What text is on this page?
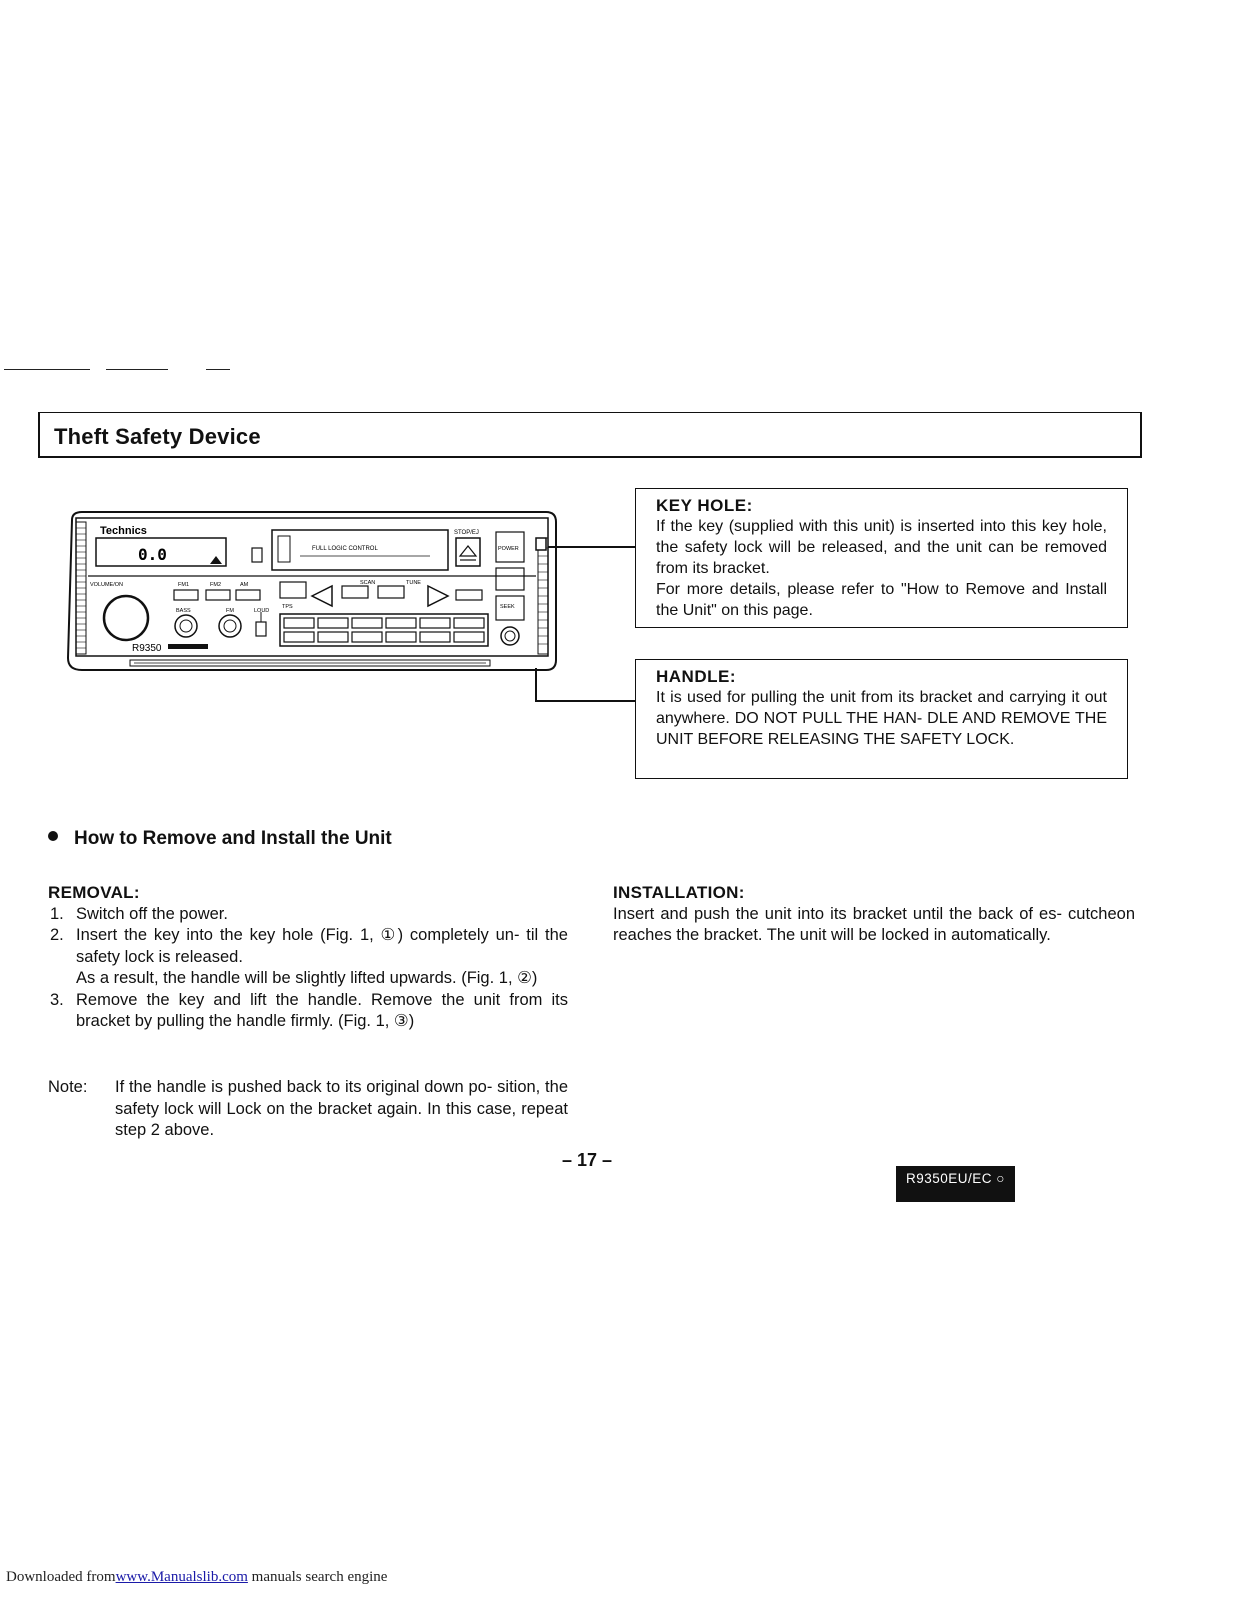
Theft Safety Device
Technics
0.0	FULL LOGIC CONTROL
STOP/EJ
POWER
SEEK
VOLUME/ON
R9350
FM1	FM2	AM
BASS	FM	LOUD
TPS
SCAN	TUNE
KEY HOLE:

If the key (supplied with this unit) is inserted into this key hole, the safety lock will be released, and the unit can be removed from its bracket.

For more details, please refer to "How to Remove and Install the Unit" on this page.

HANDLE:
It is used for pulling the unit from its bracket and carrying it out anywhere. DO NOT PULL THE HAN- DLE AND REMOVE THE UNIT BEFORE RELEASING THE SAFETY LOCK.
How to Remove and Install the Unit
REMOVAL:
1. Switch off the power.
2. Insert the key into the key hole (Fig. 1, ①) completely un- til the safety lock is released.
As a result, the handle will be slightly lifted upwards. (Fig. 1, ②)
3. Remove the key and lift the handle. Remove the unit from its bracket by pulling the handle firmly. (Fig. 1, ③)
Note: If the handle is pushed back to its original down po- sition, the safety lock will Lock on the bracket again. In this case, repeat step 2 above.
INSTALLATION:
Insert and push the unit into its bracket until the back of es- cutcheon reaches the bracket. The unit will be locked in automatically.
– 17 –
R9350EU/EC ○
Downloaded fromwww.Manualslib.com manuals search engine
